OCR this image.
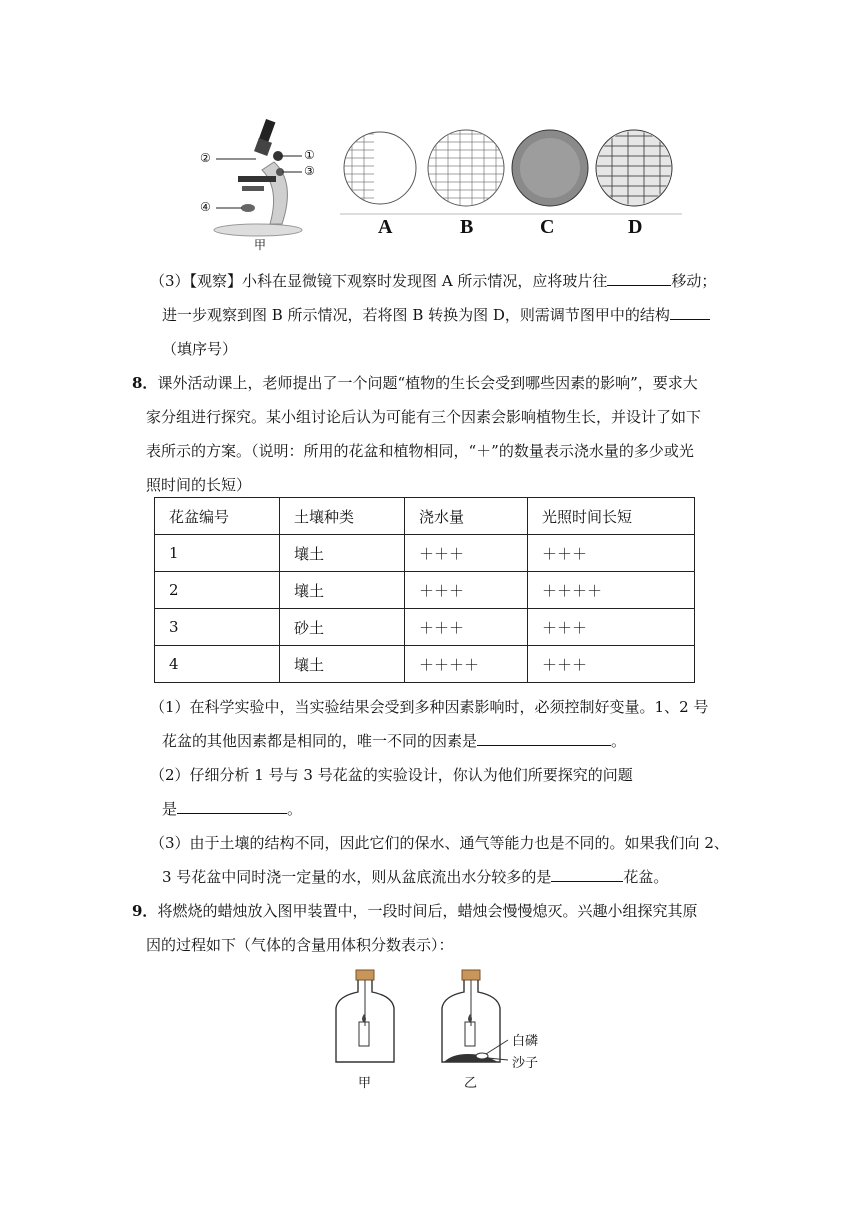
②	①
③
④
甲
A	B	C	D
（3）【观察】小科在显微镜下观察时发现图 A 所示情况，应将玻片往	移动；
进一步观察到图 B 所示情况，若将图 B 转换为图 D，则需调节图甲中的结构
（填序号）
8．课外活动课上，老师提出了一个问题“植物的生长会受到哪些因素的影响”，要求大
家分组进行探究。某小组讨论后认为可能有三个因素会影响植物生长，并设计了如下
表所示的方案。（说明：所用的花盆和植物相同，“＋”的数量表示浇水量的多少或光
照时间的长短）
花盆编号	土壤种类	浇水量	光照时间长短
1	壤土	＋＋＋	＋＋＋
2	壤土	＋＋＋	＋＋＋＋
3	砂土	＋＋＋	＋＋＋
4	壤土	＋＋＋＋	＋＋＋
（1）在科学实验中，当实验结果会受到多种因素影响时，必须控制好变量。1、2 号
花盆的其他因素都是相同的，唯一不同的因素是	。
（2）仔细分析 1 号与 3 号花盆的实验设计，你认为他们所要探究的问题
是	。
（3）由于土壤的结构不同，因此它们的保水、通气等能力也是不同的。如果我们向 2、
3 号花盆中同时浇一定量的水，则从盆底流出水分较多的是	花盆。
9．将燃烧的蜡烛放入图甲装置中，一段时间后，蜡烛会慢慢熄灭。兴趣小组探究其原
因的过程如下（气体的含量用体积分数表示）：
白磷
沙子
甲	乙
